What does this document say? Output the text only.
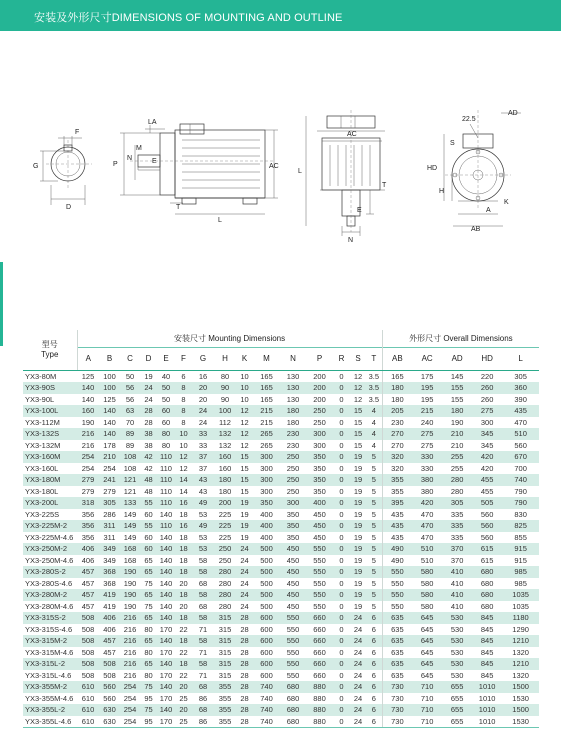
安装及外形尺寸DIMENSIONS OF MOUNTING AND OUTLINE
F
G
D
LA
P
N
M
E
T
L
AC
AC
L
T
E
N
22.5
AD
S
HD
H
A
K
AB
型号
Type	安装尺寸 Mounting Dimensions															外形尺寸 Overall Dimensions				
	A	B	C	D	E	F	G	H	K	M	N	P	R	S	T	AB	AC	AD	HD	L
YX3-80M	125	100	50	19	40	6	16	80	10	165	130	200	0	12	3.5	165	175	145	220	305
YX3-90S	140	100	56	24	50	8	20	90	10	165	130	200	0	12	3.5	180	195	155	260	360
YX3-90L	140	125	56	24	50	8	20	90	10	165	130	200	0	12	3.5	180	195	155	260	390
YX3-100L	160	140	63	28	60	8	24	100	12	215	180	250	0	15	4	205	215	180	275	435
YX3-112M	190	140	70	28	60	8	24	112	12	215	180	250	0	15	4	230	240	190	300	470
YX3-132S	216	140	89	38	80	10	33	132	12	265	230	300	0	15	4	270	275	210	345	510
YX3-132M	216	178	89	38	80	10	33	132	12	265	230	300	0	15	4	270	275	210	345	560
YX3-160M	254	210	108	42	110	12	37	160	15	300	250	350	0	19	5	320	330	255	420	670
YX3-160L	254	254	108	42	110	12	37	160	15	300	250	350	0	19	5	320	330	255	420	700
YX3-180M	279	241	121	48	110	14	43	180	15	300	250	350	0	19	5	355	380	280	455	740
YX3-180L	279	279	121	48	110	14	43	180	15	300	250	350	0	19	5	355	380	280	455	790
YX3-200L	318	305	133	55	110	16	49	200	19	350	300	400	0	19	5	395	420	305	505	790
YX3-225S	356	286	149	60	140	18	53	225	19	400	350	450	0	19	5	435	470	335	560	830
YX3-225M-2	356	311	149	55	110	16	49	225	19	400	350	450	0	19	5	435	470	335	560	825
YX3-225M-4.6	356	311	149	60	140	18	53	225	19	400	350	450	0	19	5	435	470	335	560	855
YX3-250M-2	406	349	168	60	140	18	53	250	24	500	450	550	0	19	5	490	510	370	615	915
YX3-250M-4.6	406	349	168	65	140	18	58	250	24	500	450	550	0	19	5	490	510	370	615	915
YX3-280S-2	457	368	190	65	140	18	58	280	24	500	450	550	0	19	5	550	580	410	680	985
YX3-280S-4.6	457	368	190	75	140	20	68	280	24	500	450	550	0	19	5	550	580	410	680	985
YX3-280M-2	457	419	190	65	140	18	58	280	24	500	450	550	0	19	5	550	580	410	680	1035
YX3-280M-4.6	457	419	190	75	140	20	68	280	24	500	450	550	0	19	5	550	580	410	680	1035
YX3-315S-2	508	406	216	65	140	18	58	315	28	600	550	660	0	24	6	635	645	530	845	1180
YX3-315S-4.6	508	406	216	80	170	22	71	315	28	600	550	660	0	24	6	635	645	530	845	1290
YX3-315M-2	508	457	216	65	140	18	58	315	28	600	550	660	0	24	6	635	645	530	845	1210
YX3-315M-4.6	508	457	216	80	170	22	71	315	28	600	550	660	0	24	6	635	645	530	845	1320
YX3-315L-2	508	508	216	65	140	18	58	315	28	600	550	660	0	24	6	635	645	530	845	1210
YX3-315L-4.6	508	508	216	80	170	22	71	315	28	600	550	660	0	24	6	635	645	530	845	1320
YX3-355M-2	610	560	254	75	140	20	68	355	28	740	680	880	0	24	6	730	710	655	1010	1500
YX3-355M-4.6	610	560	254	95	170	25	86	355	28	740	680	880	0	24	6	730	710	655	1010	1530
YX3-355L-2	610	630	254	75	140	20	68	355	28	740	680	880	0	24	6	730	710	655	1010	1500
YX3-355L-4.6	610	630	254	95	170	25	86	355	28	740	680	880	0	24	6	730	710	655	1010	1530
